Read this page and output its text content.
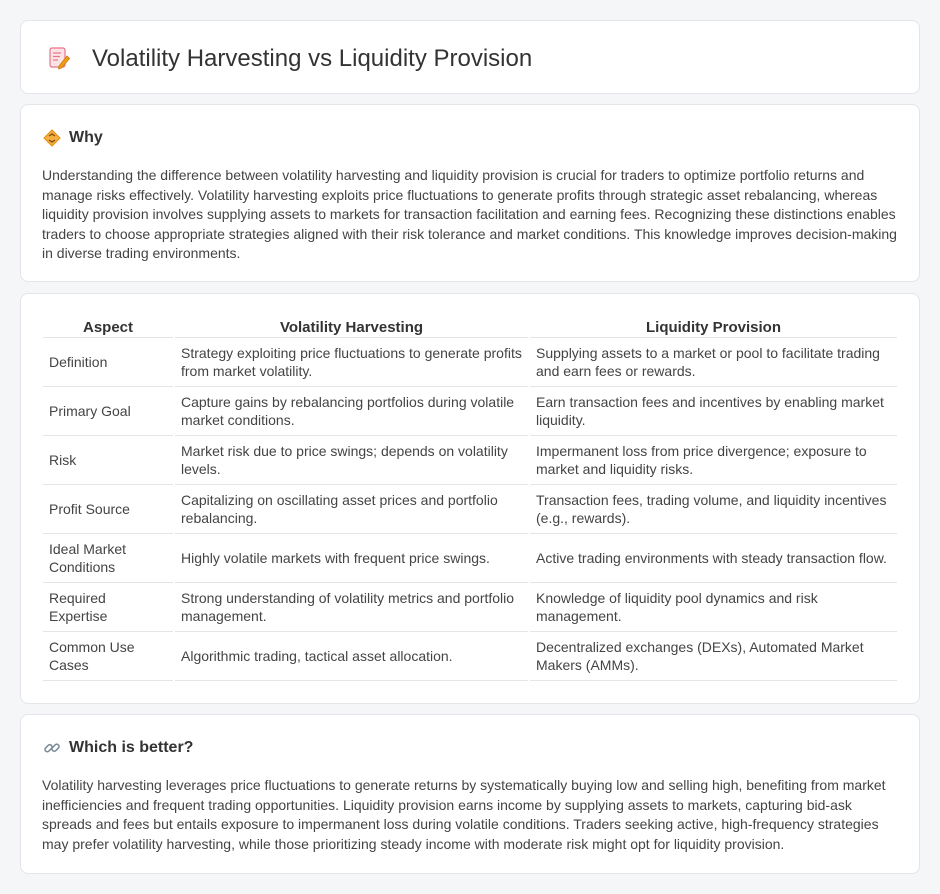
Volatility Harvesting vs Liquidity Provision
Why

Understanding the difference between volatility harvesting and liquidity provision is crucial for traders to optimize portfolio returns and manage risks effectively. Volatility harvesting exploits price fluctuations to generate profits through strategic asset rebalancing, whereas liquidity provision involves supplying assets to markets for transaction facilitation and earning fees. Recognizing these distinctions enables traders to choose appropriate strategies aligned with their risk tolerance and market conditions. This knowledge improves decision-making in diverse trading environments.

Aspect	Volatility Harvesting	Liquidity Provision
Definition	Strategy exploiting price fluctuations to generate profits from market volatility.	Supplying assets to a market or pool to facilitate trading and earn fees or rewards.
Primary Goal	Capture gains by rebalancing portfolios during volatile market conditions.	Earn transaction fees and incentives by enabling market liquidity.
Risk	Market risk due to price swings; depends on volatility levels.	Impermanent loss from price divergence; exposure to market and liquidity risks.
Profit Source	Capitalizing on oscillating asset prices and portfolio rebalancing.	Transaction fees, trading volume, and liquidity incentives (e.g., rewards).
Ideal Market Conditions	Highly volatile markets with frequent price swings.	Active trading environments with steady transaction flow.
Required Expertise	Strong understanding of volatility metrics and portfolio management.	Knowledge of liquidity pool dynamics and risk management.
Common Use Cases	Algorithmic trading, tactical asset allocation.	Decentralized exchanges (DEXs), Automated Market Makers (AMMs).
Which is better?

Volatility harvesting leverages price fluctuations to generate returns by systematically buying low and selling high, benefiting from market inefficiencies and frequent trading opportunities. Liquidity provision earns income by supplying assets to markets, capturing bid-ask spreads and fees but entails exposure to impermanent loss during volatile conditions. Traders seeking active, high-frequency strategies may prefer volatility harvesting, while those prioritizing steady income with moderate risk might opt for liquidity provision.
